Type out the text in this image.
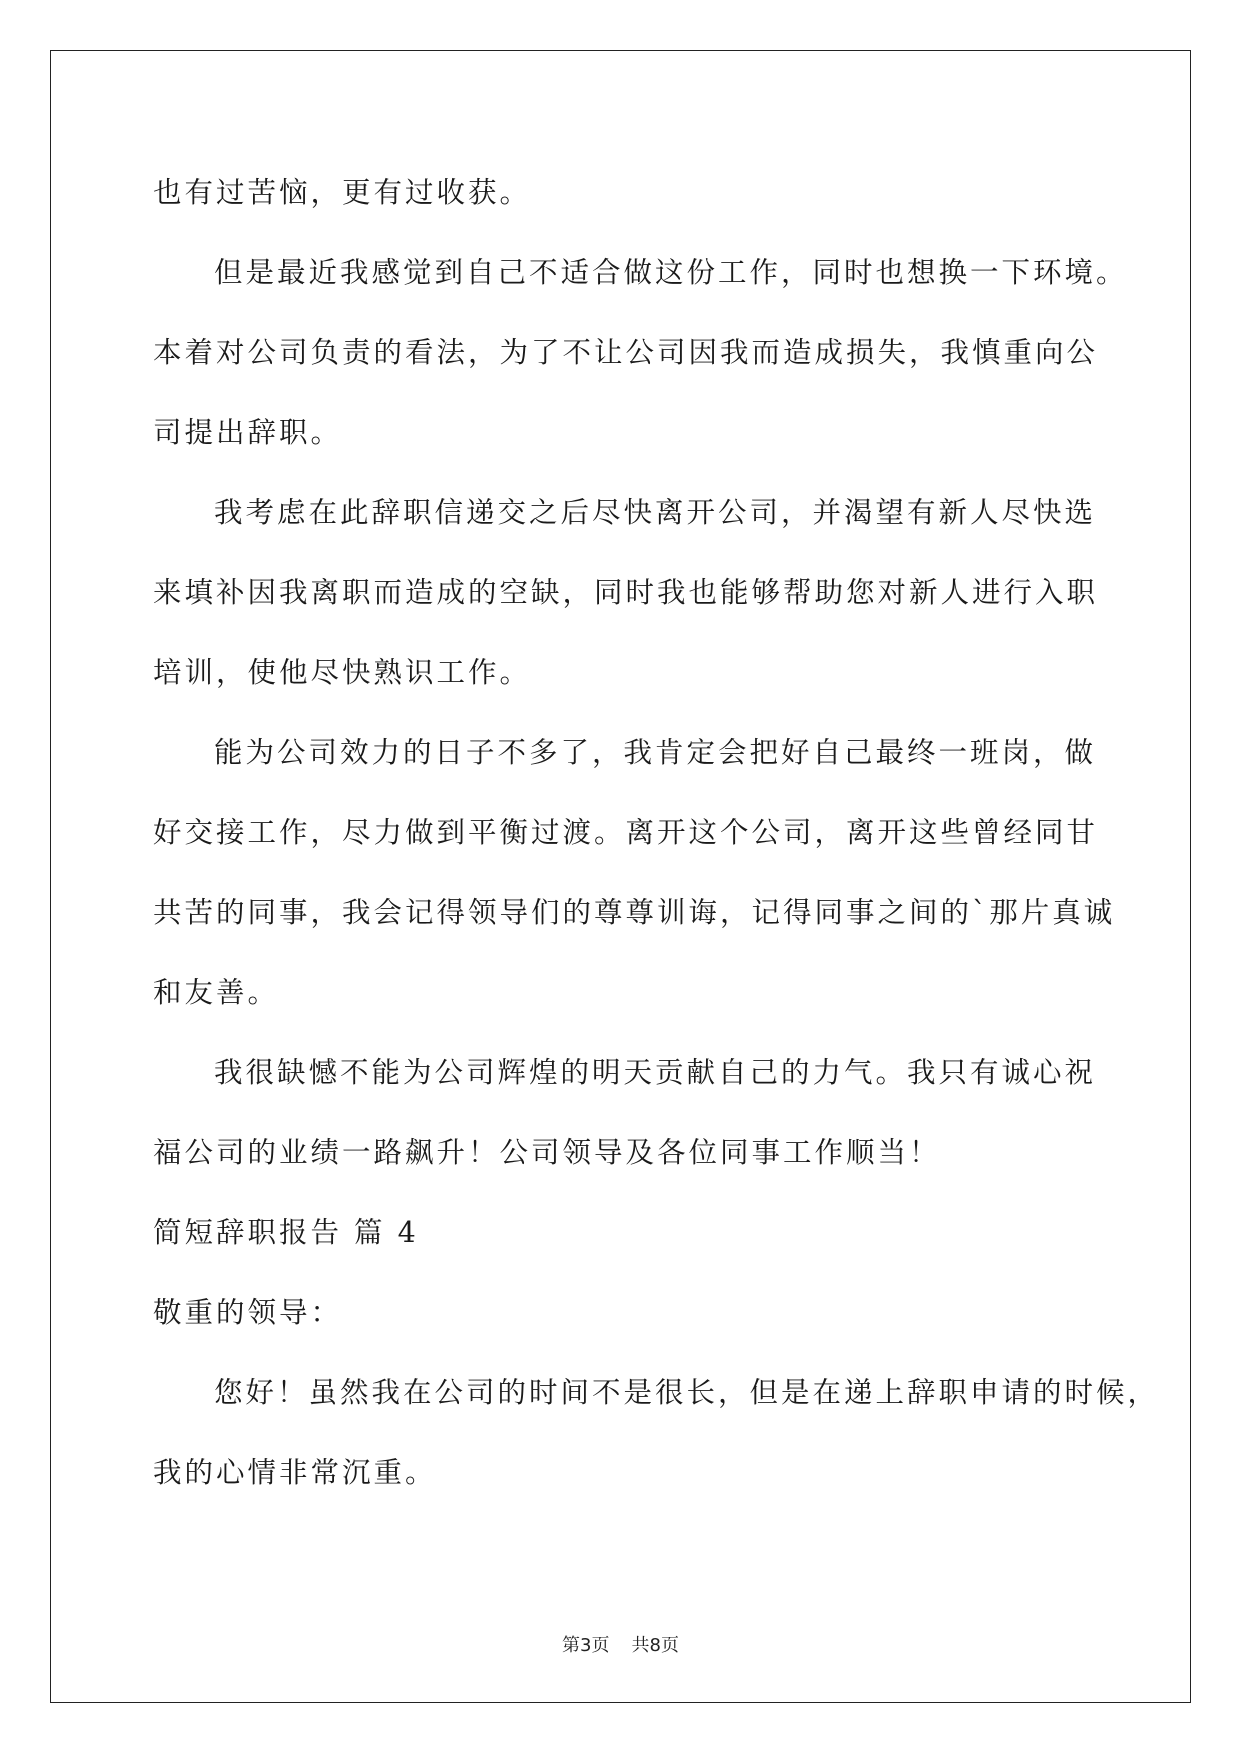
也有过苦恼，更有过收获。
但是最近我感觉到自己不适合做这份工作，同时也想换一下环境。
本着对公司负责的看法，为了不让公司因我而造成损失，我慎重向公
司提出辞职。
我考虑在此辞职信递交之后尽快离开公司，并渴望有新人尽快选
来填补因我离职而造成的空缺，同时我也能够帮助您对新人进行入职
培训，使他尽快熟识工作。
能为公司效力的日子不多了，我肯定会把好自己最终一班岗，做
好交接工作，尽力做到平衡过渡。离开这个公司，离开这些曾经同甘
共苦的同事，我会记得领导们的尊尊训诲，记得同事之间的`那片真诚
和友善。
我很缺憾不能为公司辉煌的明天贡献自己的力气。我只有诚心祝
福公司的业绩一路飙升！公司领导及各位同事工作顺当！
简短辞职报告 篇 4
敬重的领导：
您好！虽然我在公司的时间不是很长，但是在递上辞职申请的时候，
我的心情非常沉重。
第3页 共8页
